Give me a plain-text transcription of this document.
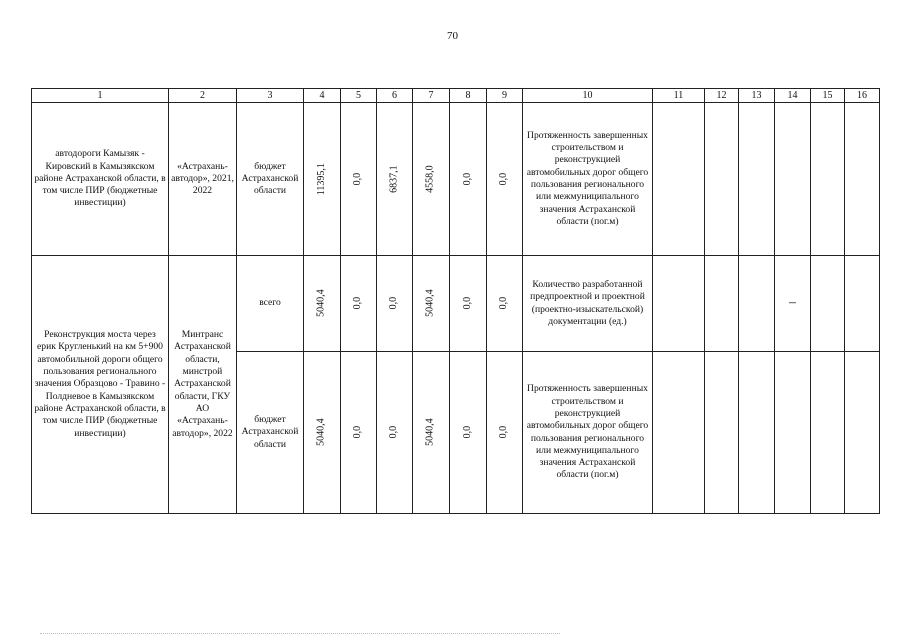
70
1	2	3	4	5	6	7	8	9	10	11	12	13	14	15	16
автодороги Камызяк - Кировский в Камызякском районе Астраханской области, в том числе ПИР (бюджетные инвестиции)	«Астрахань-автодор», 2021, 2022	бюджет Астраханской области	11395,1	0,0	6837,1	4558,0	0,0	0,0	Протяженность завершенных строительством и реконструкцией автомобильных дорог общего пользования регионального или межмуниципального значения Астраханской области (пог.м)						
Реконструкция моста через ерик Кругленький на км 5+900 автомобильной дороги общего пользования регионального значения Образцово - Травино - Полдневое в Камызякском районе Астраханской области, в том числе ПИР (бюджетные инвестиции)	Минтранс Астраханской области, минстрой Астраханской области, ГКУ АО «Астрахань-автодор», 2022	всего	5040,4	0,0	0,0	5040,4	0,0	0,0	Количество разработанной предпроектной и проектной (проектно-изыскательской) документации (ед.)				–		
		бюджет Астраханской области	5040,4	0,0	0,0	5040,4	0,0	0,0	Протяженность завершенных строительством и реконструкцией автомобильных дорог общего пользования регионального или межмуниципального значения Астраханской области (пог.м)						
